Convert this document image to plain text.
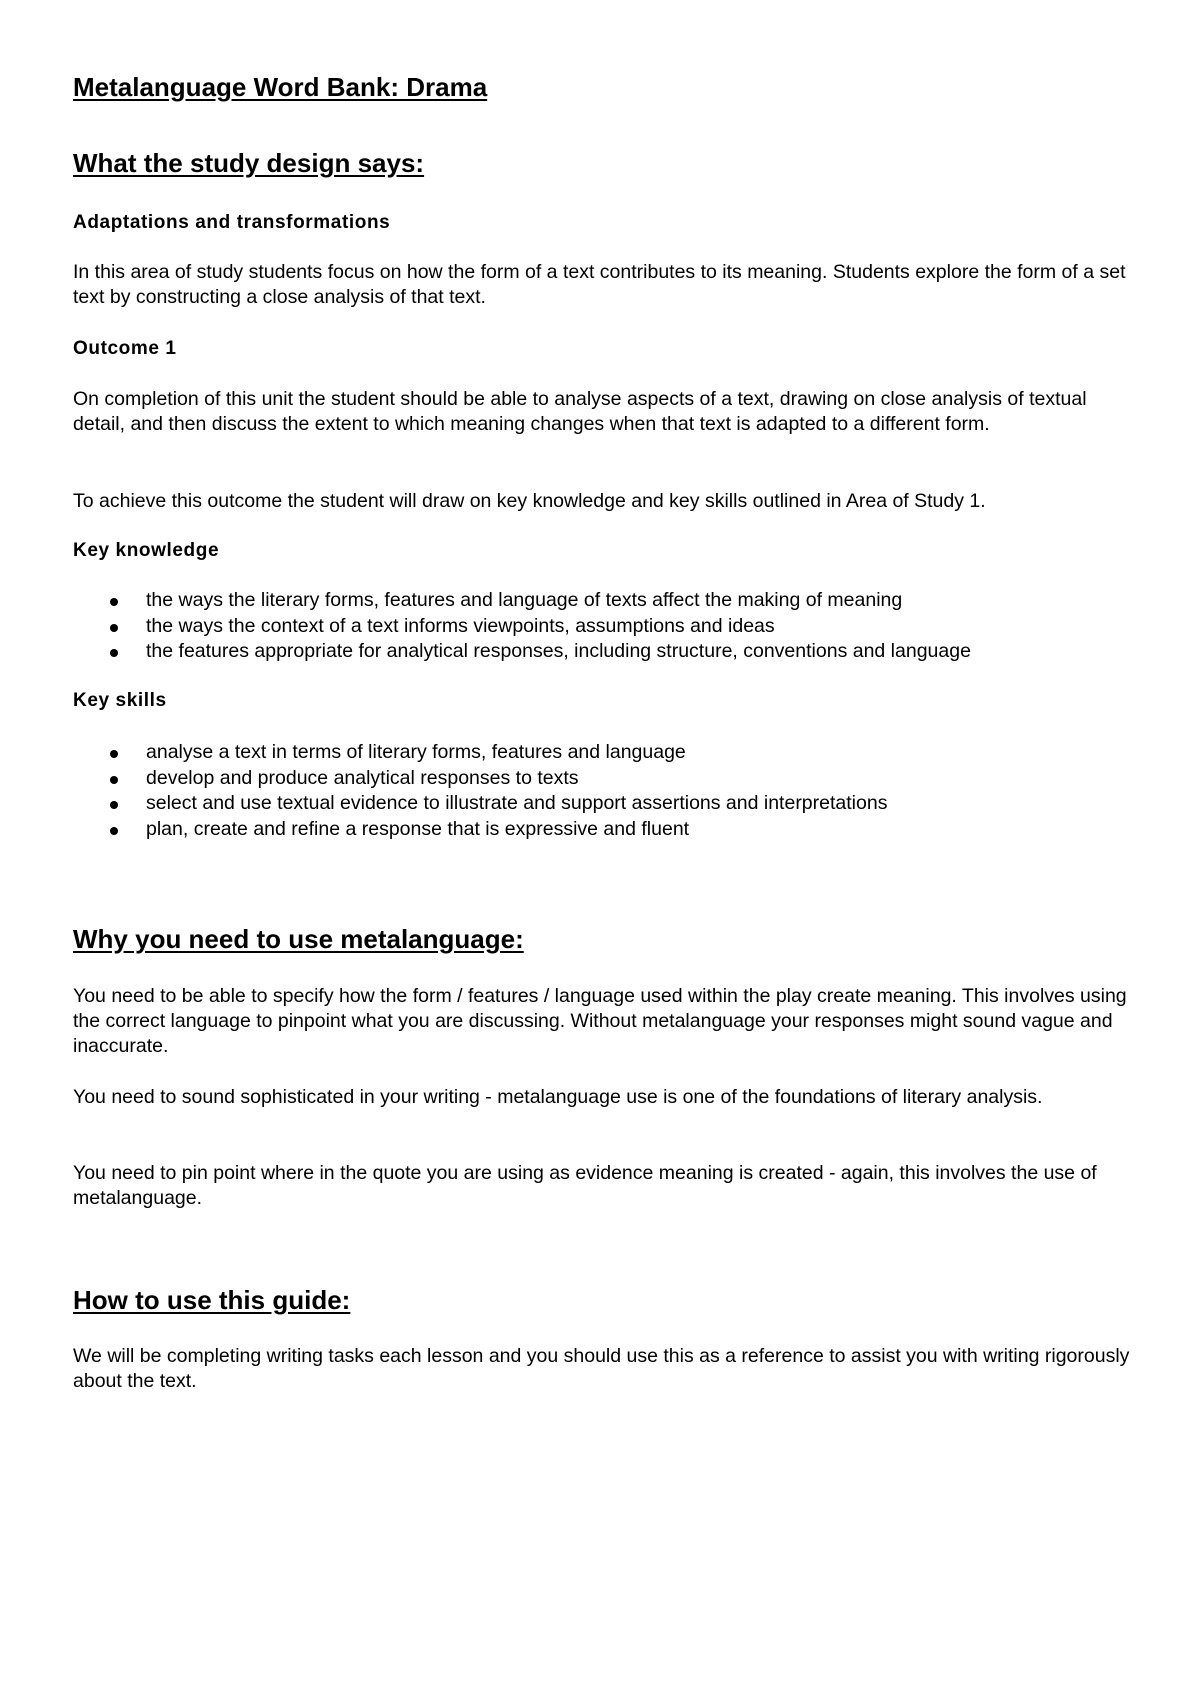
Metalanguage Word Bank: Drama
What the study design says:
Adaptations and transformations
In this area of study students focus on how the form of a text contributes to its meaning. Students explore the form of a set text by constructing a close analysis of that text.
Outcome 1
On completion of this unit the student should be able to analyse aspects of a text, drawing on close analysis of textual detail, and then discuss the extent to which meaning changes when that text is adapted to a different form.
To achieve this outcome the student will draw on key knowledge and key skills outlined in Area of Study 1.
Key knowledge
the ways the literary forms, features and language of texts affect the making of meaning
the ways the context of a text informs viewpoints, assumptions and ideas
the features appropriate for analytical responses, including structure, conventions and language
Key skills
analyse a text in terms of literary forms, features and language
develop and produce analytical responses to texts
select and use textual evidence to illustrate and support assertions and interpretations
plan, create and refine a response that is expressive and fluent
Why you need to use metalanguage:
You need to be able to specify how the form / features / language used within the play create meaning. This involves using the correct language to pinpoint what you are discussing. Without metalanguage your responses might sound vague and inaccurate.
You need to sound sophisticated in your writing - metalanguage use is one of the foundations of literary analysis.
You need to pin point where in the quote you are using as evidence meaning is created - again, this involves the use of metalanguage.
How to use this guide:
We will be completing writing tasks each lesson and you should use this as a reference to assist you with writing rigorously about the text.
